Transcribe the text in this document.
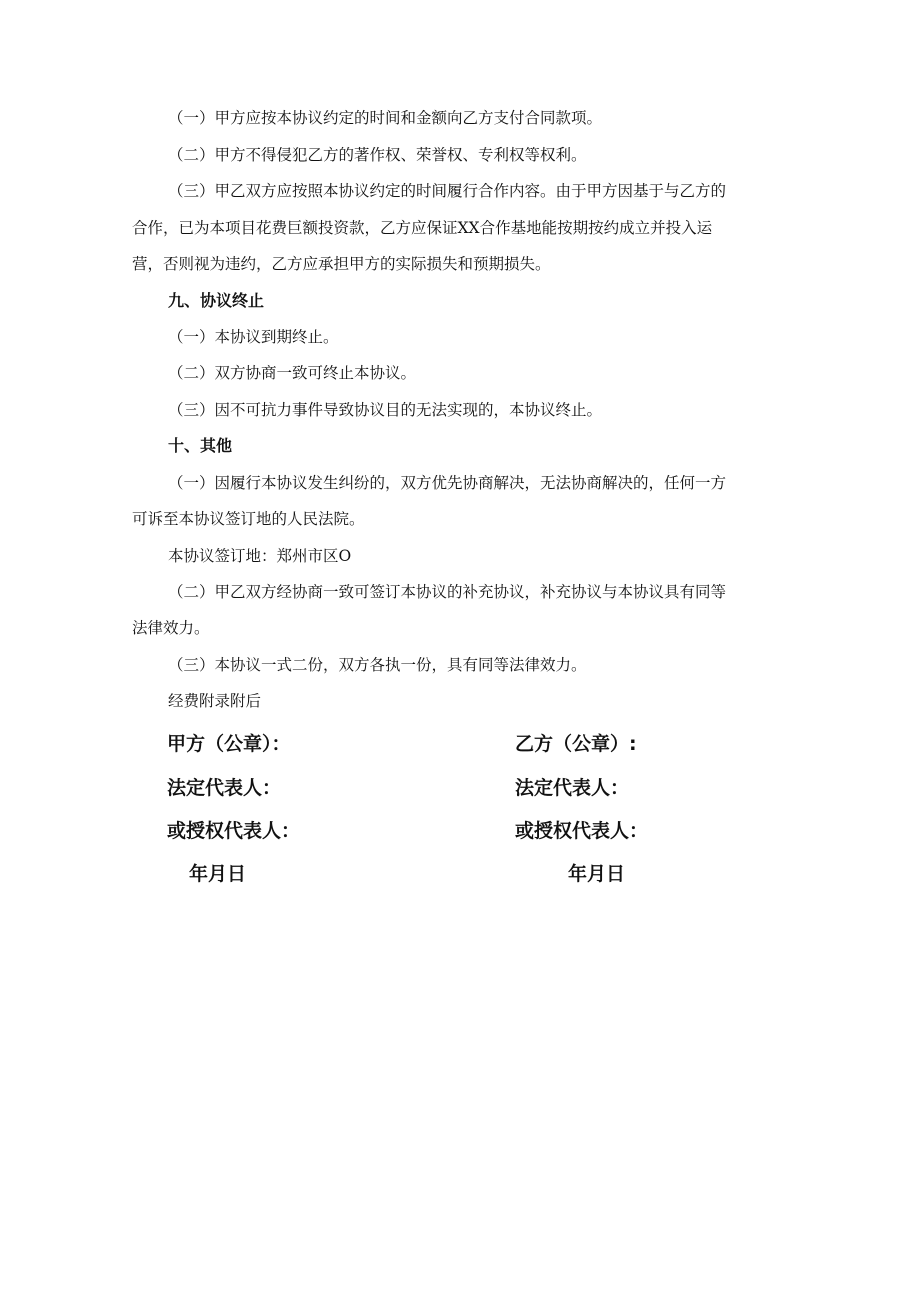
（一）甲方应按本协议约定的时间和金额向乙方支付合同款项。
（二）甲方不得侵犯乙方的著作权、荣誉权、专利权等权利。
（三）甲乙双方应按照本协议约定的时间履行合作内容。由于甲方因基于与乙方的
合作，已为本项目花费巨额投资款，乙方应保证XX合作基地能按期按约成立并投入运
营，否则视为违约，乙方应承担甲方的实际损失和预期损失。
九、协议终止
（一）本协议到期终止。
（二）双方协商一致可终止本协议。
（三）因不可抗力事件导致协议目的无法实现的，本协议终止。
十、其他
（一）因履行本协议发生纠纷的，双方优先协商解决，无法协商解决的，任何一方
可诉至本协议签订地的人民法院。
本协议签订地：郑州市区O
（二）甲乙双方经协商一致可签订本协议的补充协议，补充协议与本协议具有同等
法律效力。
（三）本协议一式二份，双方各执一份，具有同等法律效力。
经费附录附后
甲方（公章）：
法定代表人：
或授权代表人：
年月日
乙方（公章）:
法定代表人：
或授权代表人：
年月日
